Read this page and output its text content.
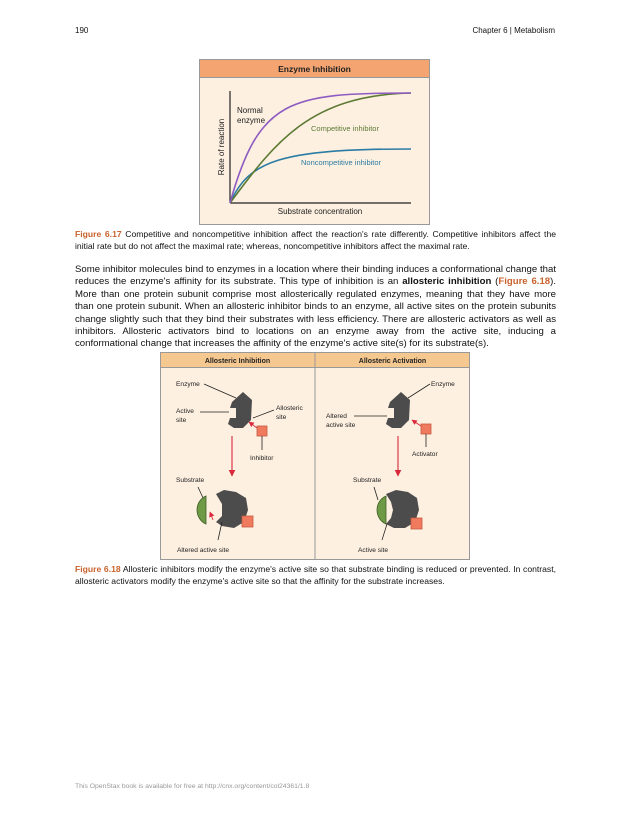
190	Chapter 6 | Metabolism
Enzyme Inhibition
Rate of reaction
Substrate concentration
Normal
enzyme
Competitive inhibitor
Noncompetitive inhibitor
Figure 6.17 Competitive and noncompetitive inhibition affect the reaction's rate differently. Competitive inhibitors affect the initial rate but do not affect the maximal rate; whereas, noncompetitive inhibitors affect the maximal rate.
Some inhibitor molecules bind to enzymes in a location where their binding induces a conformational change that reduces the enzyme's affinity for its substrate. This type of inhibition is an allosteric inhibition (Figure 6.18). More than one protein subunit comprise most allosterically regulated enzymes, meaning that they have more than one protein subunit. When an allosteric inhibitor binds to an enzyme, all active sites on the protein subunits change slightly such that they bind their substrates with less efficiency. There are allosteric activators as well as inhibitors. Allosteric activators bind to locations on an enzyme away from the active site, inducing a conformational change that increases the affinity of the enzyme's active site(s) for its substrate(s).
Allosteric Inhibition	Allosteric Activation
Enzyme
Active
site
Allosteric
site
Inhibitor
Substrate
Altered active site
Enzyme
Altered
active site
Activator
Substrate
Active site
Figure 6.18 Allosteric inhibitors modify the enzyme's active site so that substrate binding is reduced or prevented. In contrast, allosteric activators modify the enzyme's active site so that the affinity for the substrate increases.
This OpenStax book is available for free at http://cnx.org/content/col24361/1.8
